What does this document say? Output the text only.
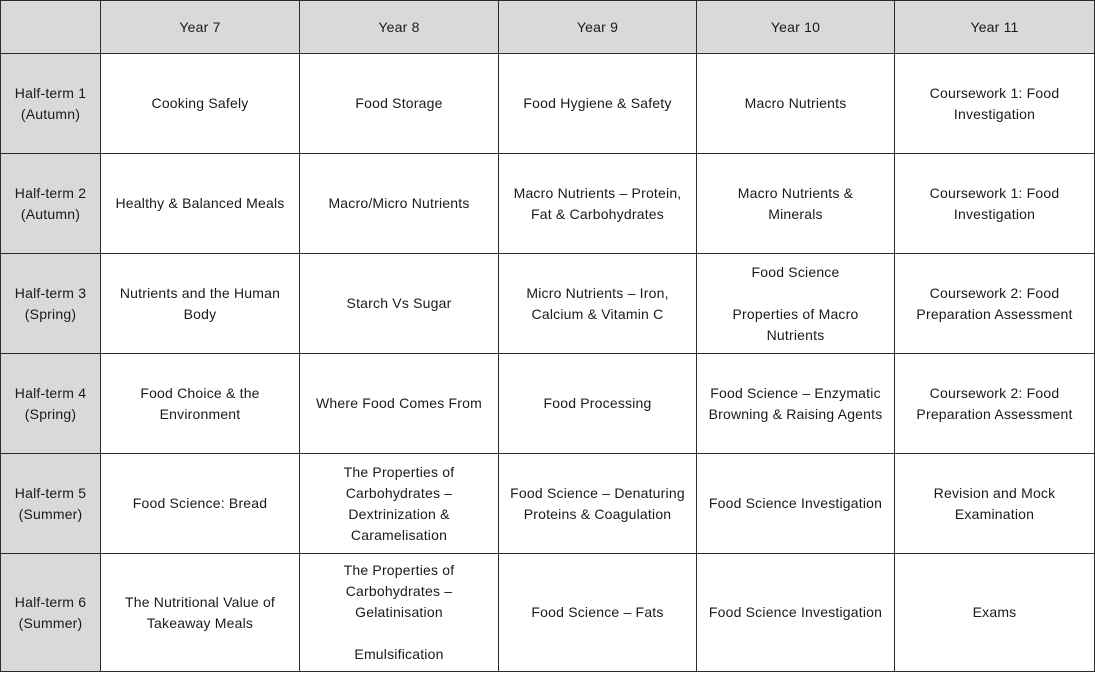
	Year 7	Year 8	Year 9	Year 10	Year 11

Half-term 1
(Autumn)	Cooking Safely	Food Storage	Food Hygiene & Safety	Macro Nutrients	Coursework 1: Food
Investigation

Half-term 2
(Autumn)	Healthy & Balanced Meals	Macro/Micro Nutrients	Macro Nutrients – Protein,
Fat & Carbohydrates	Macro Nutrients &
Minerals	Coursework 1: Food
Investigation

Half-term 3
(Spring)	Nutrients and the Human
Body	Starch Vs Sugar	Micro Nutrients – Iron,
Calcium & Vitamin C	Food Science

Properties of Macro
Nutrients	Coursework 2: Food
Preparation Assessment

Half-term 4
(Spring)	Food Choice & the
Environment	Where Food Comes From	Food Processing	Food Science – Enzymatic
Browning & Raising Agents	Coursework 2: Food
Preparation Assessment

Half-term 5
(Summer)	Food Science: Bread	The Properties of
Carbohydrates –
Dextrinization &
Caramelisation	Food Science – Denaturing
Proteins & Coagulation	Food Science Investigation	Revision and Mock
Examination

Half-term 6
(Summer)	The Nutritional Value of
Takeaway Meals	The Properties of
Carbohydrates –
Gelatinisation

Emulsification	Food Science – Fats	Food Science Investigation	Exams
